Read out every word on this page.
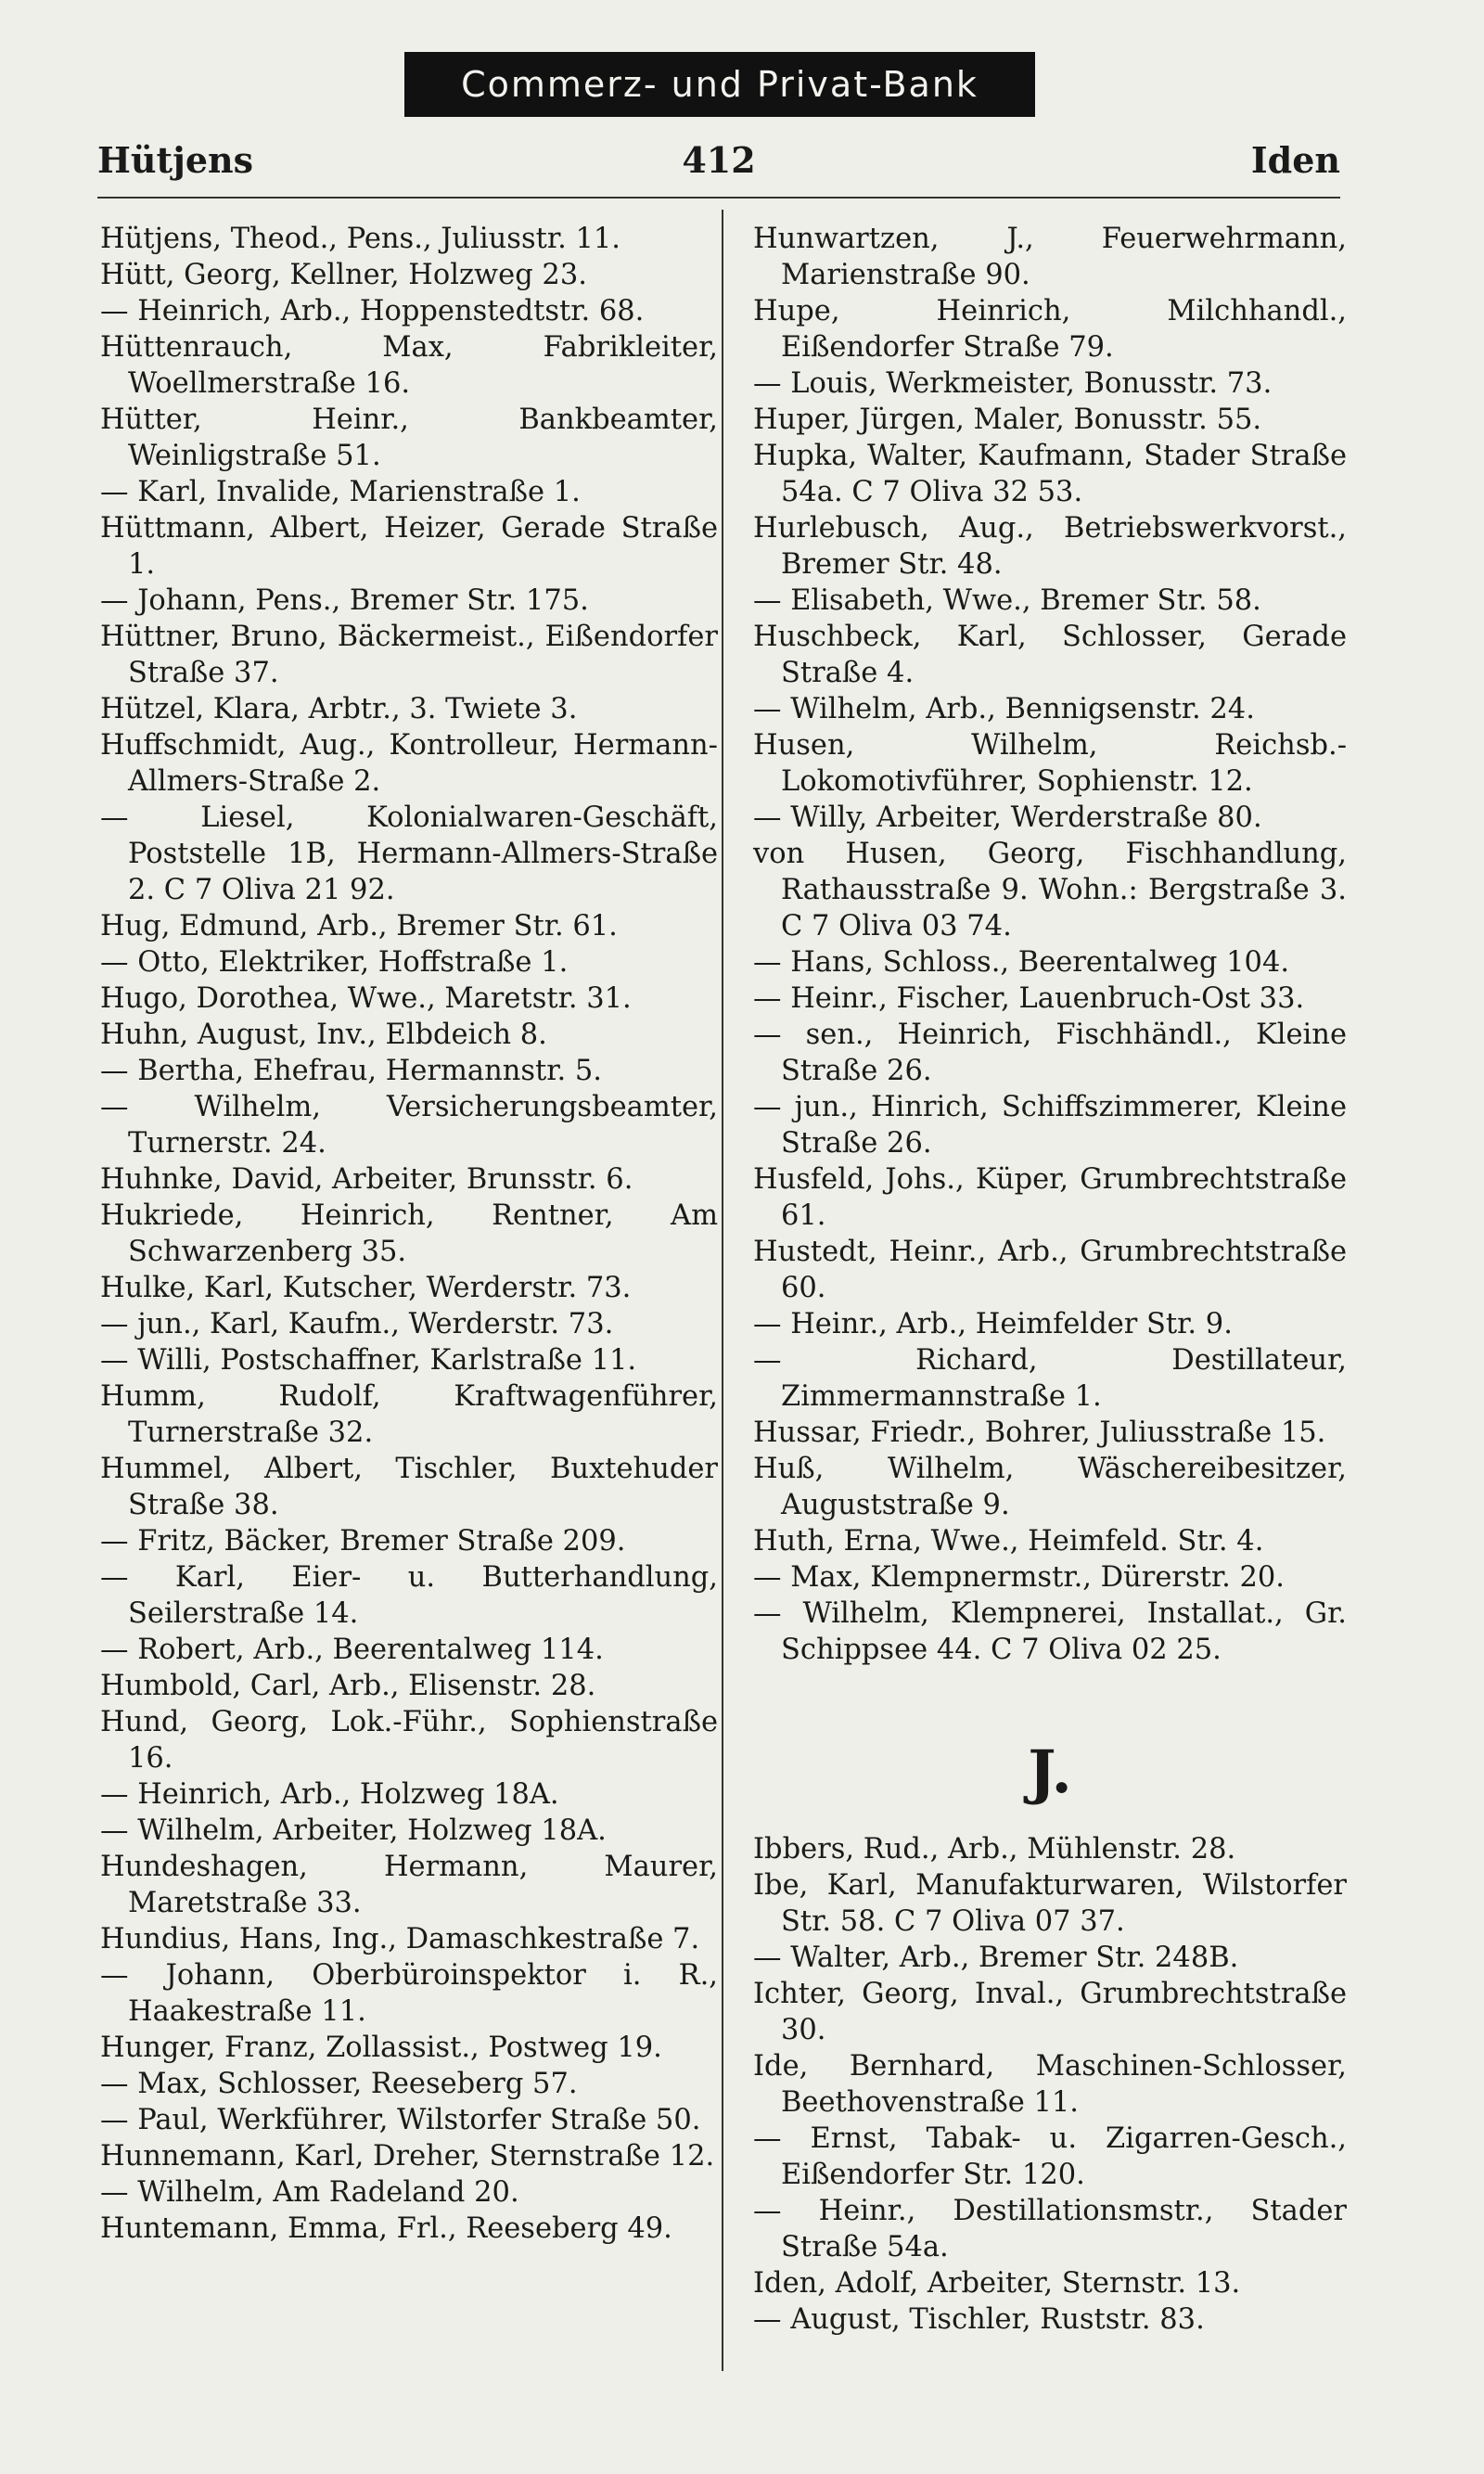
Commerz- und Privat-Bank
Hütjens	412	Iden
Hütjens, Theod., Pens., Juliusstr. 11.
Hütt, Georg, Kellner, Holzweg 23.
— Heinrich, Arb., Hoppenstedtstr. 68.
Hüttenrauch, Max, Fabrikleiter, Woellmerstraße 16.
Hütter, Heinr., Bankbeamter, Weinligstraße 51.
— Karl, Invalide, Marienstraße 1.
Hüttmann, Albert, Heizer, Gerade Straße 1.
— Johann, Pens., Bremer Str. 175.
Hüttner, Bruno, Bäckermeist., Eißendorfer Straße 37.
Hützel, Klara, Arbtr., 3. Twiete 3.
Huffschmidt, Aug., Kontrolleur, Hermann-Allmers-Straße 2.
— Liesel, Kolonialwaren-Geschäft, Poststelle 1B, Hermann-Allmers-Straße 2. C 7 Oliva 21 92.
Hug, Edmund, Arb., Bremer Str. 61.
— Otto, Elektriker, Hoffstraße 1.
Hugo, Dorothea, Wwe., Maretstr. 31.
Huhn, August, Inv., Elbdeich 8.
— Bertha, Ehefrau, Hermannstr. 5.
— Wilhelm, Versicherungsbeamter, Turnerstr. 24.
Huhnke, David, Arbeiter, Brunsstr. 6.
Hukriede, Heinrich, Rentner, Am Schwarzenberg 35.
Hulke, Karl, Kutscher, Werderstr. 73.
— jun., Karl, Kaufm., Werderstr. 73.
— Willi, Postschaffner, Karlstraße 11.
Humm, Rudolf, Kraftwagenführer, Turnerstraße 32.
Hummel, Albert, Tischler, Buxtehuder Straße 38.
— Fritz, Bäcker, Bremer Straße 209.
— Karl, Eier- u. Butterhandlung, Seilerstraße 14.
— Robert, Arb., Beerentalweg 114.
Humbold, Carl, Arb., Elisenstr. 28.
Hund, Georg, Lok.-Führ., Sophienstraße 16.
— Heinrich, Arb., Holzweg 18A.
— Wilhelm, Arbeiter, Holzweg 18A.
Hundeshagen, Hermann, Maurer, Maretstraße 33.
Hundius, Hans, Ing., Damaschkestraße 7.
— Johann, Oberbüroinspektor i. R., Haakestraße 11.
Hunger, Franz, Zollassist., Postweg 19.
— Max, Schlosser, Reeseberg 57.
— Paul, Werkführer, Wilstorfer Straße 50.
Hunnemann, Karl, Dreher, Sternstraße 12.
— Wilhelm, Am Radeland 20.
Huntemann, Emma, Frl., Reeseberg 49.
Hunwartzen, J., Feuerwehrmann, Marienstraße 90.
Hupe, Heinrich, Milchhandl., Eißendorfer Straße 79.
— Louis, Werkmeister, Bonusstr. 73.
Huper, Jürgen, Maler, Bonusstr. 55.
Hupka, Walter, Kaufmann, Stader Straße 54a. C 7 Oliva 32 53.
Hurlebusch, Aug., Betriebswerkvorst., Bremer Str. 48.
— Elisabeth, Wwe., Bremer Str. 58.
Huschbeck, Karl, Schlosser, Gerade Straße 4.
— Wilhelm, Arb., Bennigsenstr. 24.
Husen, Wilhelm, Reichsb.-Lokomotivführer, Sophienstr. 12.
— Willy, Arbeiter, Werderstraße 80.
von Husen, Georg, Fischhandlung, Rathausstraße 9. Wohn.: Bergstraße 3. C 7 Oliva 03 74.
— Hans, Schloss., Beerentalweg 104.
— Heinr., Fischer, Lauenbruch-Ost 33.
— sen., Heinrich, Fischhändl., Kleine Straße 26.
— jun., Hinrich, Schiffszimmerer, Kleine Straße 26.
Husfeld, Johs., Küper, Grumbrechtstraße 61.
Hustedt, Heinr., Arb., Grumbrechtstraße 60.
— Heinr., Arb., Heimfelder Str. 9.
— Richard, Destillateur, Zimmermannstraße 1.
Hussar, Friedr., Bohrer, Juliusstraße 15.
Huß, Wilhelm, Wäschereibesitzer, Auguststraße 9.
Huth, Erna, Wwe., Heimfeld. Str. 4.
— Max, Klempnermstr., Dürerstr. 20.
— Wilhelm, Klempnerei, Installat., Gr. Schippsee 44. C 7 Oliva 02 25.
J.
Ibbers, Rud., Arb., Mühlenstr. 28.
Ibe, Karl, Manufakturwaren, Wilstorfer Str. 58. C 7 Oliva 07 37.
— Walter, Arb., Bremer Str. 248B.
Ichter, Georg, Inval., Grumbrechtstraße 30.
Ide, Bernhard, Maschinen-Schlosser, Beethovenstraße 11.
— Ernst, Tabak- u. Zigarren-Gesch., Eißendorfer Str. 120.
— Heinr., Destillationsmstr., Stader Straße 54a.
Iden, Adolf, Arbeiter, Sternstr. 13.
— August, Tischler, Ruststr. 83.
